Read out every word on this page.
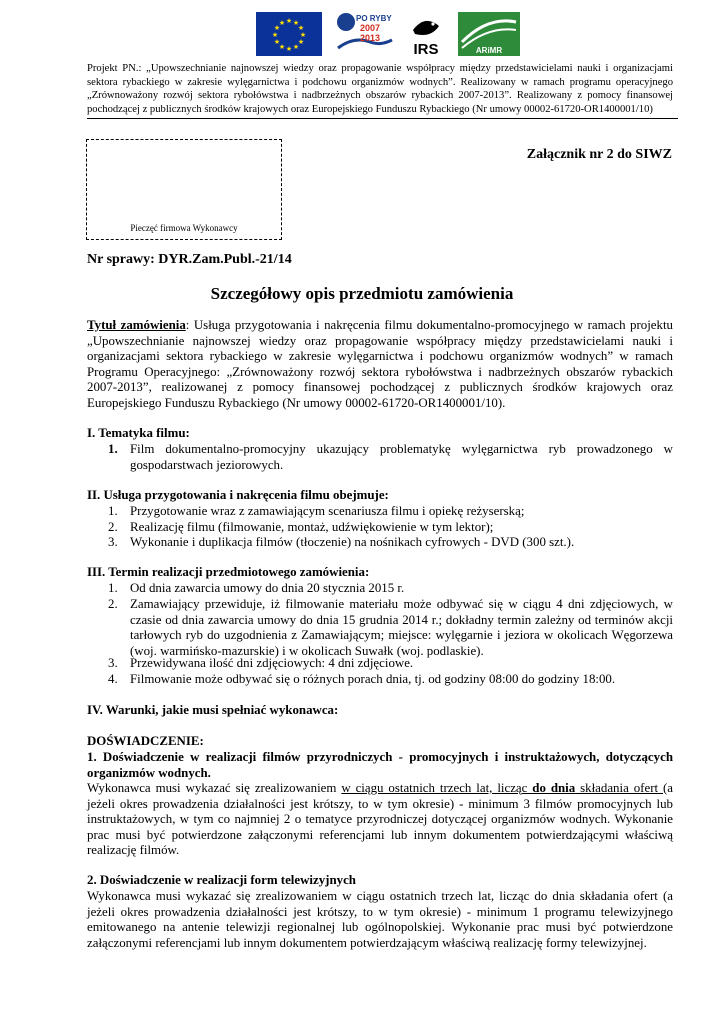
★ ★
★
★
★
★
★
★
★
★
★
★	PO RYBY
2007
2013
IRS	ARiMR
Projekt PN.: „Upowszechnianie najnowszej wiedzy oraz propagowanie współpracy między przedstawicielami nauki i organizacjami sektora rybackiego w zakresie wylęgarnictwa i podchowu organizmów wodnych”. Realizowany w ramach programu operacyjnego „Zrównoważony rozwój sektora rybołówstwa i nadbrzeżnych obszarów rybackich 2007-2013”. Realizowany z pomocy finansowej pochodzącej z publicznych środków krajowych oraz Europejskiego Funduszu Rybackiego (Nr umowy 00002-61720-OR1400001/10)
Pieczęć firmowa Wykonawcy
Załącznik nr 2 do SIWZ
Nr sprawy: DYR.Zam.Publ.-21/14
Szczegółowy opis przedmiotu zamówienia
Tytuł zamówienia: Usługa przygotowania i nakręcenia filmu dokumentalno-promocyjnego w ramach projektu „Upowszechnianie najnowszej wiedzy oraz propagowanie współpracy między przedstawicielami nauki i organizacjami sektora rybackiego w zakresie wylęgarnictwa i podchowu organizmów wodnych” w ramach Programu Operacyjnego: „Zrównoważony rozwój sektora rybołówstwa i nadbrzeżnych obszarów rybackich 2007-2013”, realizowanej z pomocy finansowej pochodzącej z publicznych środków krajowych oraz Europejskiego Funduszu Rybackiego (Nr umowy 00002-61720-OR1400001/10).
I. Tematyka filmu:
1. Film dokumentalno-promocyjny ukazujący problematykę wylęgarnictwa ryb prowadzonego w gospodarstwach jeziorowych.
II. Usługa przygotowania i nakręcenia filmu obejmuje:
1. Przygotowanie wraz z zamawiającym scenariusza filmu i opiekę reżyserską;
2. Realizację filmu (filmowanie, montaż, udźwiękowienie w tym lektor);
3. Wykonanie i duplikacja filmów (tłoczenie) na nośnikach cyfrowych - DVD (300 szt.).
III. Termin realizacji przedmiotowego zamówienia:
1. Od dnia zawarcia umowy do dnia 20 stycznia 2015 r.
2. Zamawiający przewiduje, iż filmowanie materiału może odbywać się w ciągu 4 dni zdjęciowych, w czasie od dnia zawarcia umowy do dnia 15 grudnia 2014 r.; dokładny termin zależny od terminów akcji tarłowych ryb do uzgodnienia z Zamawiającym; miejsce: wylęgarnie i jeziora w okolicach Węgorzewa (woj. warmińsko-mazurskie) i w okolicach Suwałk (woj. podlaskie).
3. Przewidywana ilość dni zdjęciowych: 4 dni zdjęciowe.
4. Filmowanie może odbywać się o różnych porach dnia, tj. od godziny 08:00 do godziny 18:00.
IV. Warunki, jakie musi spełniać wykonawca:
DOŚWIADCZENIE:
1. Doświadczenie w realizacji filmów przyrodniczych - promocyjnych i instruktażowych, dotyczących organizmów wodnych.
Wykonawca musi wykazać się zrealizowaniem w ciągu ostatnich trzech lat, licząc do dnia składania ofert (a jeżeli okres prowadzenia działalności jest krótszy, to w tym okresie) - minimum 3 filmów promocyjnych lub instruktażowych, w tym co najmniej 2 o tematyce przyrodniczej dotyczącej organizmów wodnych. Wykonanie prac musi być potwierdzone załączonymi referencjami lub innym dokumentem potwierdzającymi właściwą realizację filmów.
2. Doświadczenie w realizacji form telewizyjnych
Wykonawca musi wykazać się zrealizowaniem w ciągu ostatnich trzech lat, licząc do dnia składania ofert (a jeżeli okres prowadzenia działalności jest krótszy, to w tym okresie) - minimum 1 programu telewizyjnego emitowanego na antenie telewizji regionalnej lub ogólnopolskiej. Wykonanie prac musi być potwierdzone załączonymi referencjami lub innym dokumentem potwierdzającym właściwą realizację formy telewizyjnej.
